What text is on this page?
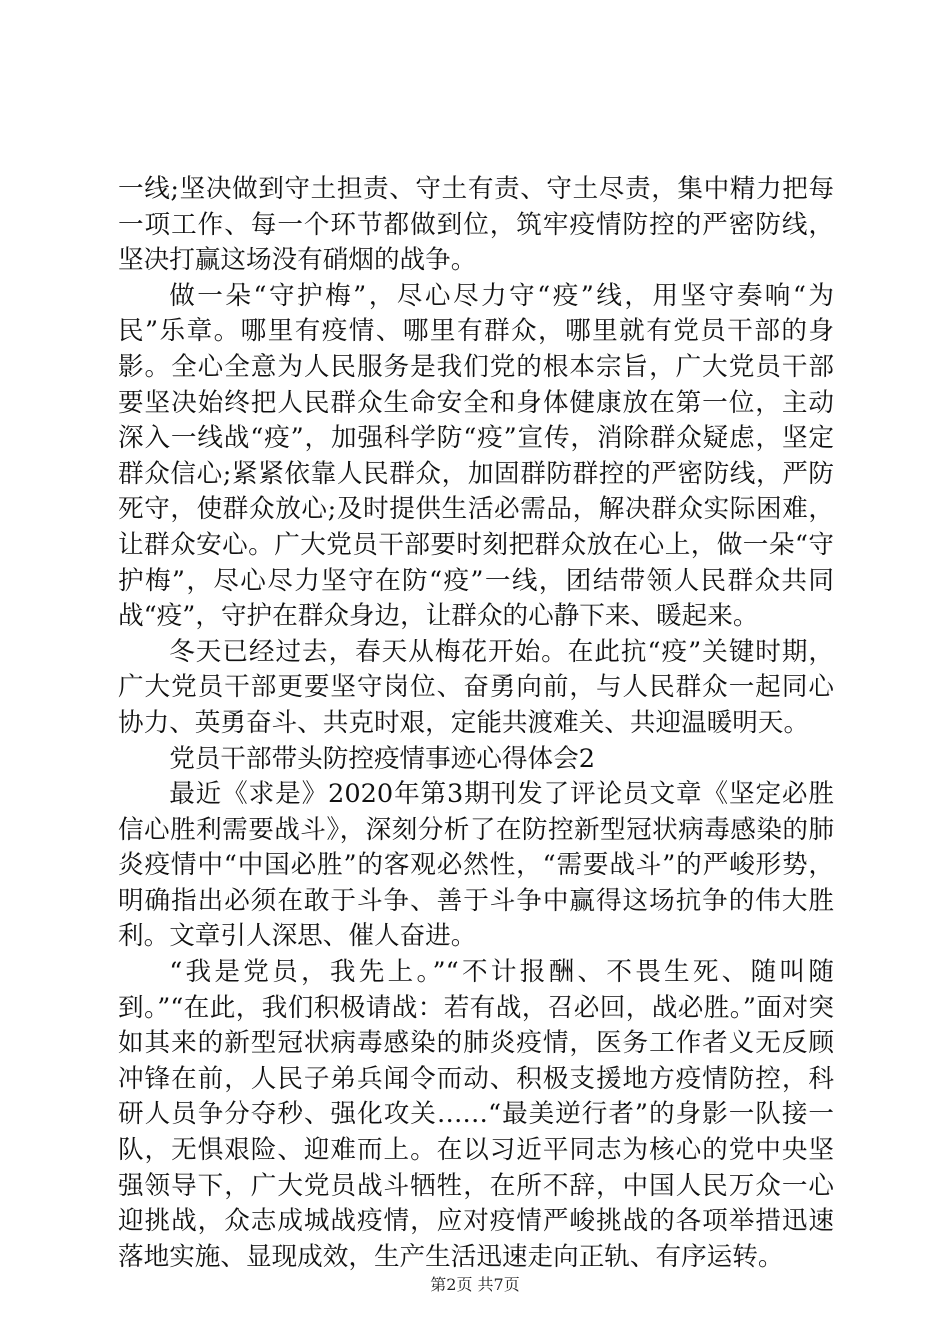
一线;坚决做到守土担责、守土有责、守土尽责，集中精力把每一项工作、每一个环节都做到位，筑牢疫情防控的严密防线，坚决打赢这场没有硝烟的战争。

做一朵“守护梅”，尽心尽力守“疫”线，用坚守奏响“为民”乐章。哪里有疫情、哪里有群众，哪里就有党员干部的身影。全心全意为人民服务是我们党的根本宗旨，广大党员干部要坚决始终把人民群众生命安全和身体健康放在第一位，主动深入一线战“疫”，加强科学防“疫”宣传，消除群众疑虑，坚定群众信心;紧紧依靠人民群众，加固群防群控的严密防线，严防死守，使群众放心;及时提供生活必需品，解决群众实际困难，让群众安心。广大党员干部要时刻把群众放在心上，做一朵“守护梅”，尽心尽力坚守在防“疫”一线，团结带领人民群众共同战“疫”，守护在群众身边，让群众的心静下来、暖起来。

冬天已经过去，春天从梅花开始。在此抗“疫”关键时期，广大党员干部更要坚守岗位、奋勇向前，与人民群众一起同心协力、英勇奋斗、共克时艰，定能共渡难关、共迎温暖明天。

党员干部带头防控疫情事迹心得体会2

最近《求是》2020年第3期刊发了评论员文章《坚定必胜信心胜利需要战斗》，深刻分析了在防控新型冠状病毒感染的肺炎疫情中“中国必胜”的客观必然性，“需要战斗”的严峻形势，明确指出必须在敢于斗争、善于斗争中赢得这场抗争的伟大胜利。文章引人深思、催人奋进。

“我是党员，我先上。”“不计报酬、不畏生死、随叫随到。”“在此，我们积极请战：若有战，召必回，战必胜。”面对突如其来的新型冠状病毒感染的肺炎疫情，医务工作者义无反顾冲锋在前，人民子弟兵闻令而动、积极支援地方疫情防控，科研人员争分夺秒、强化攻关……“最美逆行者”的身影一队接一队，无惧艰险、迎难而上。在以习近平同志为核心的党中央坚强领导下，广大党员战斗牺牲，在所不辞，中国人民万众一心迎挑战，众志成城战疫情，应对疫情严峻挑战的各项举措迅速落地实施、显现成效，生产生活迅速走向正轨、有序运转。

第2页 共7页
